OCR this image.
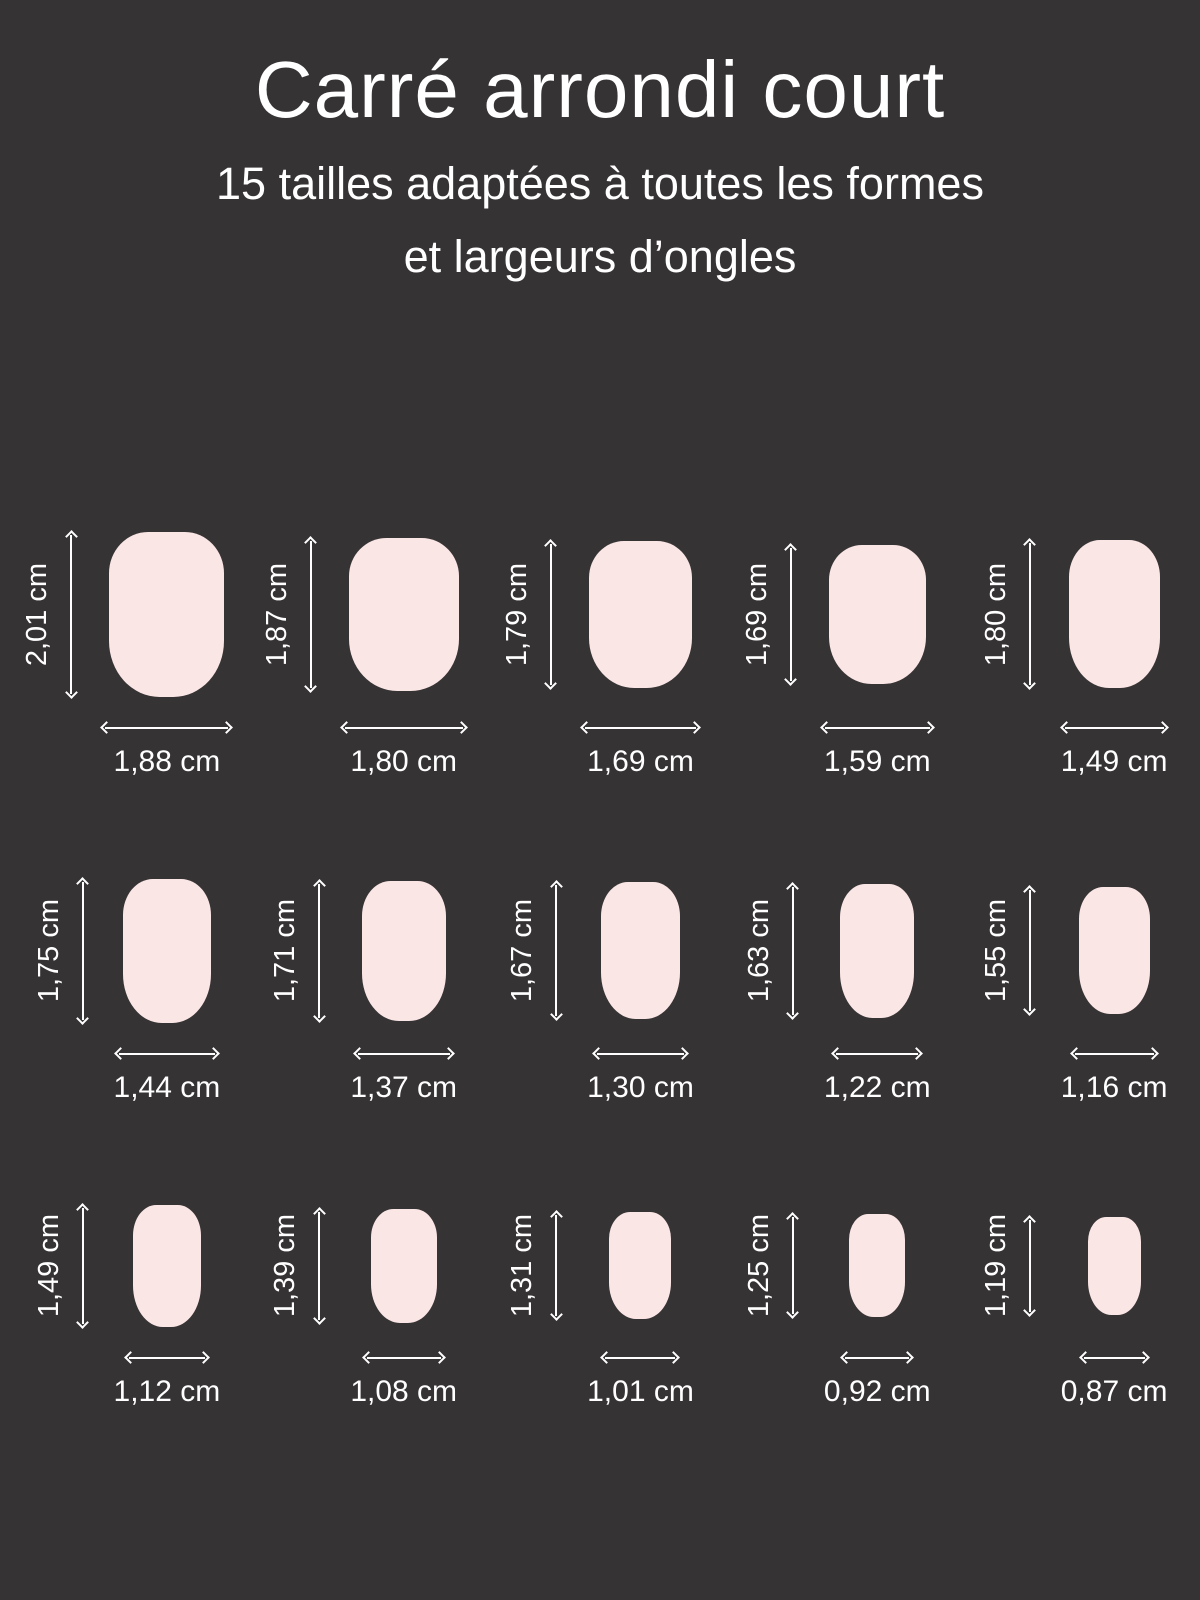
Carré arrondi court
15 tailles adaptées à toutes les formes
et largeurs d’ongles
2,01 cm
1,88 cm
1,87 cm
1,80 cm
1,79 cm
1,69 cm
1,69 cm
1,59 cm
1,80 cm
1,49 cm
1,75 cm
1,44 cm
1,71 cm
1,37 cm
1,67 cm
1,30 cm
1,63 cm
1,22 cm
1,55 cm
1,16 cm
1,49 cm
1,12 cm
1,39 cm
1,08 cm
1,31 cm
1,01 cm
1,25 cm
0,92 cm
1,19 cm
0,87 cm
